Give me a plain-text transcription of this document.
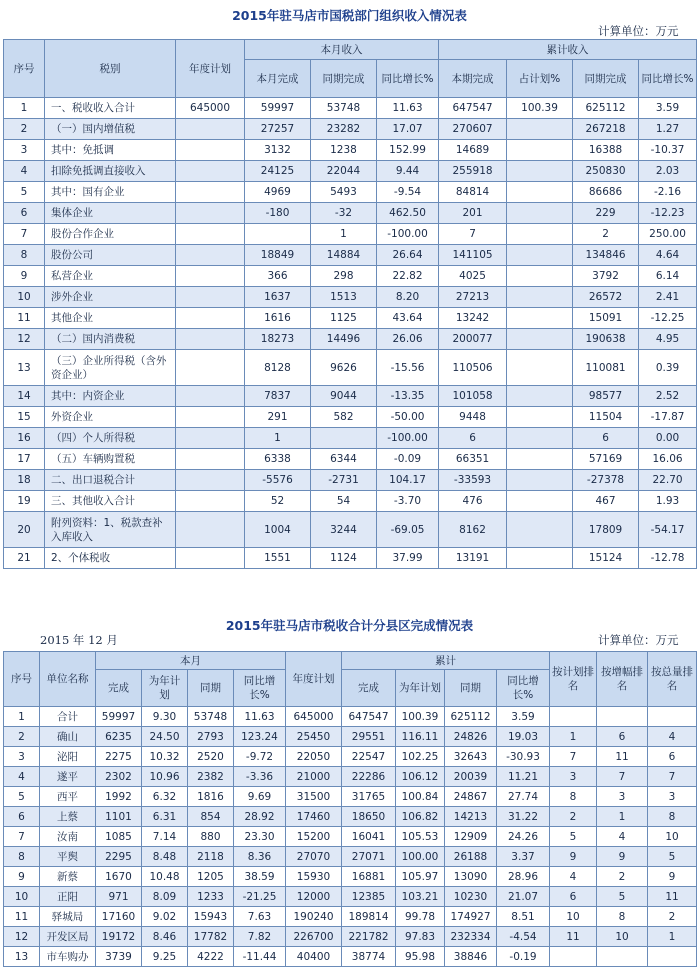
2015年驻马店市国税部门组织收入情况表
计算单位：万元
序号	税别	年度计划	本月收入			累计收入			
			本月完成	同期完成	同比增长%	本期完成	占计划%	同期完成	同比增长%
1	一、税收收入合计	645000	59997	53748	11.63	647547	100.39	625112	3.59
2	（一）国内增值税		27257	23282	17.07	270607		267218	1.27
3	其中：免抵调		3132	1238	152.99	14689		16388	-10.37
4	扣除免抵调直接收入		24125	22044	9.44	255918		250830	2.03
5	其中：国有企业		4969	5493	-9.54	84814		86686	-2.16
6	集体企业		-180	-32	462.50	201		229	-12.23
7	股份合作企业			1	-100.00	7		2	250.00
8	股份公司		18849	14884	26.64	141105		134846	4.64
9	私营企业		366	298	22.82	4025		3792	6.14
10	涉外企业		1637	1513	8.20	27213		26572	2.41
11	其他企业		1616	1125	43.64	13242		15091	-12.25
12	（二）国内消费税		18273	14496	26.06	200077		190638	4.95
13	（三）企业所得税（含外资企业）		8128	9626	-15.56	110506		110081	0.39
14	其中：内资企业		7837	9044	-13.35	101058		98577	2.52
15	外资企业		291	582	-50.00	9448		11504	-17.87
16	（四）个人所得税		1		-100.00	6		6	0.00
17	（五）车辆购置税		6338	6344	-0.09	66351		57169	16.06
18	二、出口退税合计		-5576	-2731	104.17	-33593		-27378	22.70
19	三、其他收入合计		52	54	-3.70	476		467	1.93
20	附列资料：1、税款查补入库收入		1004	3244	-69.05	8162		17809	-54.17
21	2、个体税收		1551	1124	37.99	13191		15124	-12.78
2015年驻马店市税收合计分县区完成情况表
2015 年 12 月	计算单位：万元
序号	单位名称	本月				年度计划	累计				按计划排名	按增幅排名	按总量排名
		完成	为年计划	同期	同比增长%		完成	为年计划	同期	同比增长%			
1	合计	59997	9.30	53748	11.63	645000	647547	100.39	625112	3.59			
2	确山	6235	24.50	2793	123.24	25450	29551	116.11	24826	19.03	1	6	4
3	泌阳	2275	10.32	2520	-9.72	22050	22547	102.25	32643	-30.93	7	11	6
4	遂平	2302	10.96	2382	-3.36	21000	22286	106.12	20039	11.21	3	7	7
5	西平	1992	6.32	1816	9.69	31500	31765	100.84	24867	27.74	8	3	3
6	上蔡	1101	6.31	854	28.92	17460	18650	106.82	14213	31.22	2	1	8
7	汝南	1085	7.14	880	23.30	15200	16041	105.53	12909	24.26	5	4	10
8	平舆	2295	8.48	2118	8.36	27070	27071	100.00	26188	3.37	9	9	5
9	新蔡	1670	10.48	1205	38.59	15930	16881	105.97	13090	28.96	4	2	9
10	正阳	971	8.09	1233	-21.25	12000	12385	103.21	10230	21.07	6	5	11
11	驿城局	17160	9.02	15943	7.63	190240	189814	99.78	174927	8.51	10	8	2
12	开发区局	19172	8.46	17782	7.82	226700	221782	97.83	232334	-4.54	11	10	1
13	市车购办	3739	9.25	4222	-11.44	40400	38774	95.98	38846	-0.19			
